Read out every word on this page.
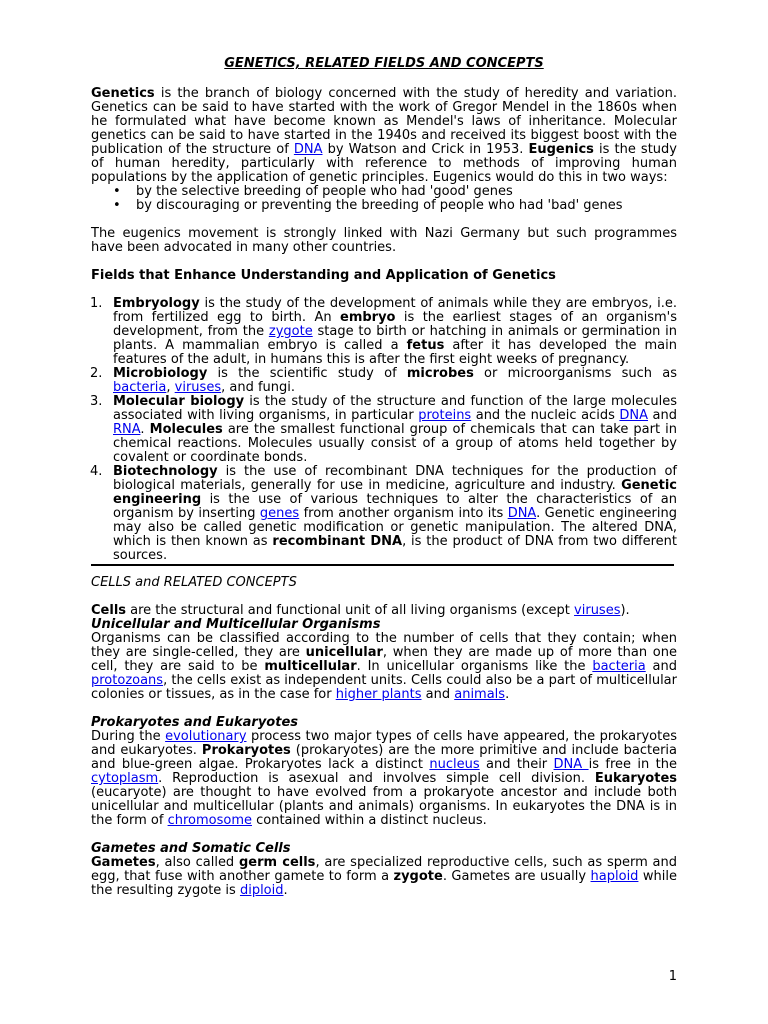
GENETICS, RELATED FIELDS AND CONCEPTS

Genetics is the branch of biology concerned with the study of heredity and variation. Genetics can be said to have started with the work of Gregor Mendel in the 1860s when he formulated what have become known as Mendel's laws of inheritance. Molecular genetics can be said to have started in the 1940s and received its biggest boost with the publication of the structure of DNA by Watson and Crick in 1953. Eugenics is the study of human heredity, particularly with reference to methods of improving human populations by the application of genetic principles. Eugenics would do this in two ways:

• by the selective breeding of people who had 'good' genes
• by discouraging or preventing the breeding of people who had 'bad' genes

The eugenics movement is strongly linked with Nazi Germany but such programmes have been advocated in many other countries.

Fields that Enhance Understanding and Application of Genetics
1. Embryology is the study of the development of animals while they are embryos, i.e. from fertilized egg to birth. An embryo is the earliest stages of an organism's development, from the zygote stage to birth or hatching in animals or germination in plants. A mammalian embryo is called a fetus after it has developed the main features of the adult, in humans this is after the first eight weeks of pregnancy.
2. Microbiology is the scientific study of microbes or microorganisms such as bacteria, viruses, and fungi.
3. Molecular biology is the study of the structure and function of the large molecules associated with living organisms, in particular proteins and the nucleic acids DNA and RNA. Molecules are the smallest functional group of chemicals that can take part in chemical reactions. Molecules usually consist of a group of atoms held together by covalent or coordinate bonds.
4. Biotechnology is the use of recombinant DNA techniques for the production of biological materials, generally for use in medicine, agriculture and industry. Genetic engineering is the use of various techniques to alter the characteristics of an organism by inserting genes from another organism into its DNA. Genetic engineering may also be called genetic modification or genetic manipulation. The altered DNA, which is then known as recombinant DNA, is the product of DNA from two different sources.
CELLS and RELATED CONCEPTS

Cells are the structural and functional unit of all living organisms (except viruses).

Unicellular and Multicellular Organisms

Organisms can be classified according to the number of cells that they contain; when they are single-celled, they are unicellular, when they are made up of more than one cell, they are said to be multicellular. In unicellular organisms like the bacteria and protozoans, the cells exist as independent units. Cells could also be a part of multicellular colonies or tissues, as in the case for higher plants and animals.

Prokaryotes and Eukaryotes

During the evolutionary process two major types of cells have appeared, the prokaryotes and eukaryotes. Prokaryotes (prokaryotes) are the more primitive and include bacteria and blue-green algae. Prokaryotes lack a distinct nucleus and their DNA is free in the cytoplasm. Reproduction is asexual and involves simple cell division. Eukaryotes (eucaryote) are thought to have evolved from a prokaryote ancestor and include both unicellular and multicellular (plants and animals) organisms. In eukaryotes the DNA is in the form of chromosome contained within a distinct nucleus.

Gametes and Somatic Cells

Gametes, also called germ cells, are specialized reproductive cells, such as sperm and egg, that fuse with another gamete to form a zygote. Gametes are usually haploid while the resulting zygote is diploid.

1
